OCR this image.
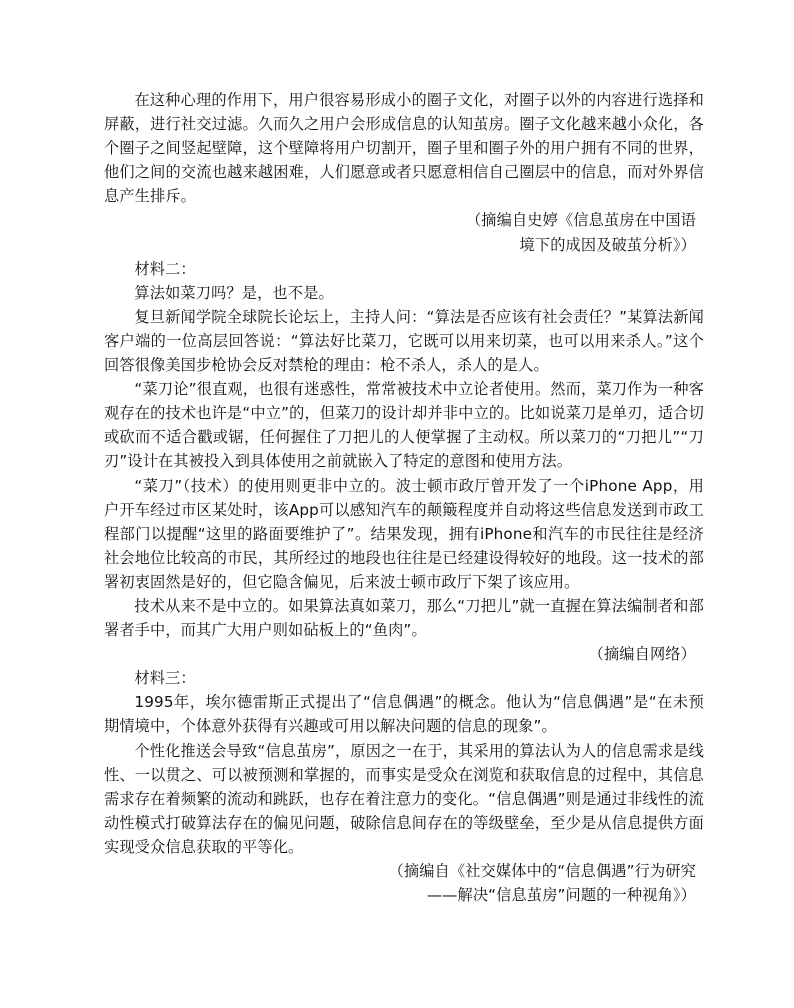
在这种心理的作用下，用户很容易形成小的圈子文化，对圈子以外的内容进行选择和屏蔽，进行社交过滤。久而久之用户会形成信息的认知茧房。圈子文化越来越小众化，各个圈子之间竖起壁障，这个壁障将用户切割开，圈子里和圈子外的用户拥有不同的世界，他们之间的交流也越来越困难，人们愿意或者只愿意相信自己圈层中的信息，而对外界信息产生排斥。

（摘编自史婷《信息茧房在中国语

境下的成因及破茧分析》）

材料二：

算法如菜刀吗？是，也不是。

复旦新闻学院全球院长论坛上，主持人问：“算法是否应该有社会责任？”某算法新闻客户端的一位高层回答说：“算法好比菜刀，它既可以用来切菜，也可以用来杀人。”这个回答很像美国步枪协会反对禁枪的理由：枪不杀人，杀人的是人。

“菜刀论”很直观，也很有迷惑性，常常被技术中立论者使用。然而，菜刀作为一种客观存在的技术也许是“中立”的，但菜刀的设计却并非中立的。比如说菜刀是单刃，适合切或砍而不适合戳或锯，任何握住了刀把儿的人便掌握了主动权。所以菜刀的“刀把儿”“刀刃”设计在其被投入到具体使用之前就嵌入了特定的意图和使用方法。

“菜刀”（技术）的使用则更非中立的。波士顿市政厅曾开发了一个iPhone App，用户开车经过市区某处时，该App可以感知汽车的颠簸程度并自动将这些信息发送到市政工程部门以提醒“这里的路面要维护了”。结果发现，拥有iPhone和汽车的市民往往是经济社会地位比较高的市民，其所经过的地段也往往是已经建设得较好的地段。这一技术的部署初衷固然是好的，但它隐含偏见，后来波士顿市政厅下架了该应用。

技术从来不是中立的。如果算法真如菜刀，那么“刀把儿”就一直握在算法编制者和部署者手中，而其广大用户则如砧板上的“鱼肉”。

（摘编自网络）

材料三：

1995年，埃尔德雷斯正式提出了“信息偶遇”的概念。他认为“信息偶遇”是“在未预期情境中，个体意外获得有兴趣或可用以解决问题的信息的现象”。

个性化推送会导致“信息茧房”，原因之一在于，其采用的算法认为人的信息需求是线性、一以贯之、可以被预测和掌握的，而事实是受众在浏览和获取信息的过程中，其信息需求存在着频繁的流动和跳跃，也存在着注意力的变化。“信息偶遇”则是通过非线性的流动性模式打破算法存在的偏见问题，破除信息间存在的等级壁垒，至少是从信息提供方面实现受众信息获取的平等化。

（摘编自《社交媒体中的“信息偶遇”行为研究

——解决“信息茧房”问题的一种视角》）
